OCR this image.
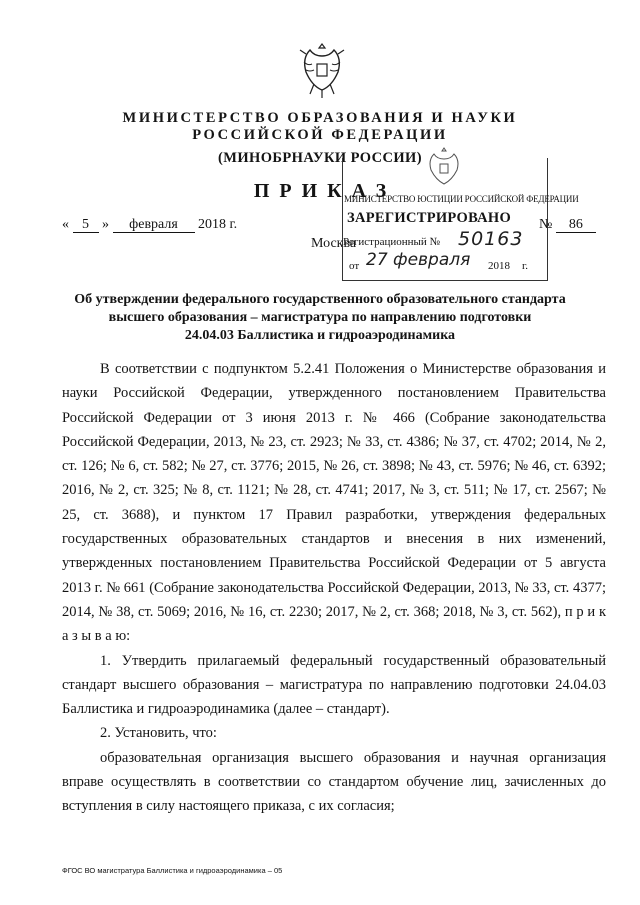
МИНИСТЕРСТВО ОБРАЗОВАНИЯ И НАУКИ
РОССИЙСКОЙ ФЕДЕРАЦИИ
(МИНОБРНАУКИ РОССИИ)
ПРИКАЗ
« 5 » февраля 2018 г.	№ 86
Москва
МИНИСТЕРСТВО ЮСТИЦИИ РОССИЙСКОЙ ФЕДЕРАЦИИ
ЗАРЕГИСТРИРОВАНО
Регистрационный № 50163
от 27 февраля 2018 г.
Об утверждении федерального государственного образовательного стандарта
высшего образования – магистратура по направлению подготовки
24.04.03 Баллистика и гидроаэродинамика

В соответствии с подпунктом 5.2.41 Положения о Министерстве образования и науки Российской Федерации, утвержденного постановлением Правительства Российской Федерации от 3 июня 2013 г. № 466 (Собрание законодательства Российской Федерации, 2013, № 23, ст. 2923; № 33, ст. 4386; № 37, ст. 4702; 2014, № 2, ст. 126; № 6, ст. 582; № 27, ст. 3776; 2015, № 26, ст. 3898; № 43, ст. 5976; № 46, ст. 6392; 2016, № 2, ст. 325; № 8, ст. 1121; № 28, ст. 4741; 2017, № 3, ст. 511; № 17, ст. 2567; № 25, ст. 3688), и пунктом 17 Правил разработки, утверждения федеральных государственных образовательных стандартов и внесения в них изменений, утвержденных постановлением Правительства Российской Федерации от 5 августа 2013 г. № 661 (Собрание законодательства Российской Федерации, 2013, № 33, ст. 4377; 2014, № 38, ст. 5069; 2016, № 16, ст. 2230; 2017, № 2, ст. 368; 2018, № 3, ст. 562), п р и к а з ы в а ю:

1. Утвердить прилагаемый федеральный государственный образовательный стандарт высшего образования – магистратура по направлению подготовки 24.04.03 Баллистика и гидроаэродинамика (далее – стандарт).

2. Установить, что:

образовательная организация высшего образования и научная организация вправе осуществлять в соответствии со стандартом обучение лиц, зачисленных до вступления в силу настоящего приказа, с их согласия;

ФГОС ВО магистратура Баллистика и гидроаэродинамика – 05
